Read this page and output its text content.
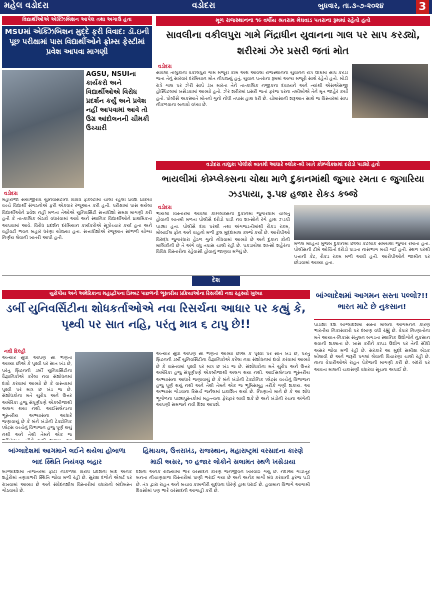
મહેલ વડોદરા	વડોદરા	બુધવાર, તા.૩-૭-૨૦૨૪	3
વિદ્યાર્થીઓએ એક્ઝિબિશન આપેલ તથા અગાઉ હતા
MSUમાં એક્ઝિબિશન મુદ્દે ફરી વિવાદ: ડૉ.ઇની પૂછ પરીક્ષામાં પાસ વિદ્યાર્થીઓને ફ્રોમ્સ ફેસ્ટીમાં પ્રવેશ આપવા માગણી
AGSU, NSUIના કાર્યકરો અને વિદ્યાર્થીઓએ વિરોધ પ્રદર્શન કર્યું અને પ્રવેશ નહીં આપવામાં આવે તો ઉગ્ર આંદોલનની ચીમકી ઉચ્ચારી
વડોદરા
મહારાજા સયાજીરાવ યુનિવર્સિટીની વિવિધ ફેકલ્ટીમાં ચાલી રહેલી પ્રવેશ પ્રક્રિયા વચ્ચે વિદ્યાર્થી સંગઠનોએ ફરી એકવાર રજૂઆત કરી હતી. પરીક્ષામાં પાસ થયેલા વિદ્યાર્થીઓને પ્રવેશ નહીં મળતા તેઓએ યુનિવર્સિટી સત્તાધીશો સમક્ષ માગણી કરી હતી કે તાત્કાલિક બેઠકો વધારવામાં આવે અને સ્થાનિક વિદ્યાર્થીઓને પ્રાથમિકતા આપવામાં આવે. વિરોધ પ્રદર્શન દરમિયાન કાર્યકરોએ સૂત્રોચ્ચાર કર્યા હતા અને વહીવટી ભવન બહાર ધરણા યોજ્યા હતા. સત્તાધીશોએ રજૂઆત સાંભળી યોગ્ય નિર્ણય લેવાની ખાતરી આપી હતી.
મૂળ રાજસ્થાનના ૧૯ વર્ષીય શ્રતરામ મેઘવાડ પતરાના રૂમમાં રહેતો હતો
સાવલીના વકીલપુરા ગામે નિંદ્રાધીન યુવાનના ગાલ પર સાપ કરડ્યો, શરીરમાં ઝેર પ્રસરી જતાં મોત
વડોદરા
સાવલી તાલુકાના વકીલપુરા ગામે મજૂરી કામ અર્થે આવેલા રાજસ્થાનના યુવાનને રાત્રે ઊંઘમાં સાપ કરડી જતા તેનું સારવાર દરમિયાન મોત નીપજ્યું હતું. યુવાન પતરાના રૂમમાં અન્ય મજૂરો સાથે રહેતો હતો. મોડી રાત્રે ગાલ પર ઝેરી સાપે ડંખ મારતા તેને તાત્કાલિક નજીકના દવાખાને અને ત્યાંથી એસએસજી હોસ્પિટલમાં ખસેડવામાં આવ્યો હતો. ઝેર શરીરમાં પ્રસરી જતાં ફરજ પરના તબીબોએ તેને મૃત જાહેર કર્યો હતો. પોલીસે અકસ્માતે મોતનો ગુનો નોંધી તપાસ હાથ ધરી છે. ચોમાસાની શરૂઆત સાથે જ વિસ્તારમાં સાપ નીકળવાના બનાવો વધ્યા છે.
વડોદરા તાલુકા પોલીસે બાતમી આધારે બ્લોક-બી ખાતે કોમ્પ્લેક્સમાં દરોડો પાડ્યો હતો
ભાયલીમાં કોમ્પ્લેક્સના ચોથા માળે દુકાનમાંથી જુગાર રમતા ૯ જુગારિયા ઝડપાયા, રૂ.૫૪ હજાર રોકડ કબ્જે
વડોદરા
ભાયલી વિસ્તારમાં આવેલા કોમ્પ્લેક્સની દુકાનમાં જુગારધામ ચાલતું હોવાની બાતમી મળતા પોલીસે દરોડો પાડી નવ શખ્સોને રંગે હાથ ઝડપી પાડ્યા હતા. પોલીસે દાવ પરથી તથા અંગજડતીમાંથી રોકડ રકમ, મોબાઈલ ફોન અને વાહનો મળી કુલ મુદ્દામાલ કબ્જે કર્યો છે. આરોપીઓ વિરુદ્ધ જુગારધારા હેઠળ ગુનો નોંધવામાં આવ્યો છે અને દુકાન કોની માલિકીની છે તે અંગે વધુ તપાસ ચાલી રહી છે. પકડાયેલા શખ્સો શહેરના વિવિધ વિસ્તારોના રહેવાસી હોવાનું જાણવા મળ્યું છે.
મળેલ માહિતી મુજબ દુકાનમાં છેલ્લા કેટલાક સમયથી જુગાર રમાતો હતો. પોલીસની ટીમે ઓચિંતો દરોડો પાડતા નાસભાગ મચી ગઈ હતી. સ્થળ પરથી પત્તાની કેટ, રોકડ રકમ મળી આવી હતી. આરોપીઓને જામીન પર છોડવામાં આવ્યા હતા.
દેશ
યુરોપીય અને અમેરિકાના મહાદ્વીપના ડિમ્બટ પાછળની ભૂસ્તરીય પ્રક્રિયાઓના રિસર્ચથી નવા રહસ્યો ખુલ્યા
ડર્બી યુનિવર્સિટીના શોધકર્તાઓએ નવા રિસર્ચના આધાર પર કહ્યું કે, પૃથ્વી પર સાત નહિ, પરંતુ માત્ર ૬ ટાપુ છે!!
નવી દિલ્હી
અત્યાર સુધી આપણે સૌ ભણતા આવ્યા છીએ કે પૃથ્વી પર સાત ખંડ છે, પરંતુ બ્રિટનની ડર્બી યુનિવર્સિટીના વૈજ્ઞાનિકોએ કરેલા નવા સંશોધનમાં દાવો કરવામાં આવ્યો છે કે વાસ્તવમાં પૃથ્વી પર માત્ર છ ખંડ જ છે. સંશોધકોના મતે યુરોપ અને ઉત્તર અમેરિકા હજુ સંપૂર્ણપણે એકબીજાથી અલગ થયા નથી. આઈસલેન્ડના ભૂસ્તરીય અભ્યાસના આધારે જણાવાયું છે કે બંને ખંડોની ટેક્ટોનિક પ્લેટ્સ વચ્ચેનું વિભાજન હજુ પૂર્ણ થયું નથી અને તેથી તેમને એક જ
અત્યાર સુધી આપણે સૌ ભણતા આવ્યા છીએ કે પૃથ્વી પર સાત ખંડ છે, પરંતુ બ્રિટનની ડર્બી યુનિવર્સિટીના વૈજ્ઞાનિકોએ કરેલા નવા સંશોધનમાં દાવો કરવામાં આવ્યો છે કે વાસ્તવમાં પૃથ્વી પર માત્ર છ ખંડ જ છે. સંશોધકોના મતે યુરોપ અને ઉત્તર અમેરિકા હજુ સંપૂર્ણપણે એકબીજાથી અલગ થયા નથી. આઈસલેન્ડના ભૂસ્તરીય અભ્યાસના આધારે જણાવાયું છે કે બંને ખંડોની ટેક્ટોનિક પ્લેટ્સ વચ્ચેનું વિભાજન હજુ પૂર્ણ થયું નથી અને તેથી તેમને એક જ ભૂમિસમૂહ તરીકે ગણી શકાય. આ અભ્યાસ ગોંડવાના રિસર્ચ જર્નલમાં પ્રકાશિત થયો છે. નિષ્ણાતો માને છે કે આ શોધ ભૂગોળના પાઠ્યપુસ્તકોમાં મહત્ત્વના ફેરફાર લાવી શકે છે અને ખંડોની રચના અંગેની આપણી સમજને નવી દિશા આપશે.
બાંગ્લાદેશમાં આગમન સસ્તા પલ્લો?!! ભારત માટે છે નુકસાન!
પાડોશી દેશ બાંગ્લાદેશમાં સસ્તા માલના આગમનને કારણે ભારતીય નિકાસકારો પર દબાણ વધી રહ્યું છે. વેપાર નિષ્ણાતોના મતે આયાત-નિકાસ સંતુલન બગડતા સ્થાનિક ઉદ્યોગોને નુકસાન થવાની શક્યતા છે. ખાસ કરીને કાપડ ઉદ્યોગ પર તેની સીધી અસર જોવા મળી રહી છે. સરકારે આ મુદ્દે સમીક્ષા બેઠક બોલાવી છે અને જરૂરી પગલાં લેવાની વિચારણા ચાલી રહી છે. નાના વેપારીઓએ રાહત પેકેજની માગણી કરી છે. બંદરો પર આવતા માલની ચકાસણી વધારવા સૂચના અપાઈ છે.
બાંગ્લાદેશમાં આગમાને લઈને થયેલા હોબાળા બાદ સ્થિતિ નિયંત્રણ બહાર
બાંગ્લાદેશમાં તાજેતરમાં ફાટી નીકળેલા વિરોધ પ્રદર્શનો બાદ અનેક શહેરોમાં તણાવભરી સ્થિતિ જોવા મળી રહી છે. સુરક્ષા દળોને એલર્ટ પર રાખવામાં આવ્યા છે અને સંવેદનશીલ વિસ્તારોમાં વધારાનો બંદોબસ્ત ગોઠવાયો છે.
હિમાચલ, ઉત્તરાખંડ, રાજસ્થાન, મહારાષ્ટ્રમાં વરસાદના કારણે માઠી અસર, ૧૦ હજાર લોકોને સલામત સ્થળે ખસેડાયા
દેશના અનેક રાજ્યોમાં ભારે વરસાદને કારણે જનજીવન ખોરવાઈ ગયું છે. નદીઓ ગાંડીતૂર બનતા નીચાણવાળા વિસ્તારોમાં પાણી ભરાઈ ગયા છે અને અનેક માર્ગો બંધ કરવાની ફરજ પડી છે. તંત્ર દ્વારા રાહત અને બચાવ કામગીરી યુદ્ધના ધોરણે હાથ ધરાઈ છે. હવામાન વિભાગે આગામી દિવસોમાં પણ ભારે વરસાદની આગાહી કરી છે.
